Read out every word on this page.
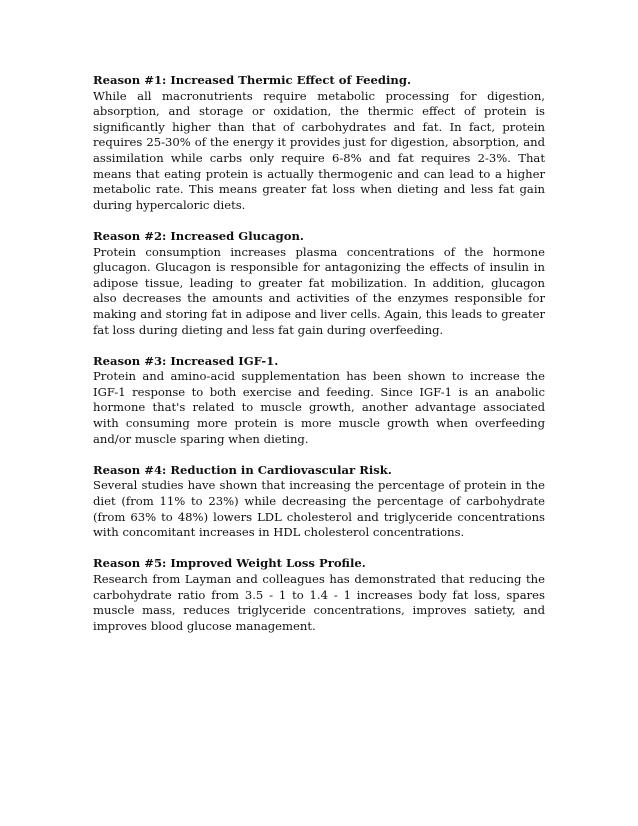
Reason #1: Increased Thermic Effect of Feeding.
While all macronutrients require metabolic processing for digestion, absorption, and storage or oxidation, the thermic effect of protein is significantly higher than that of carbohydrates and fat. In fact, protein requires 25-30% of the energy it provides just for digestion, absorption, and assimilation while carbs only require 6-8% and fat requires 2-3%. That means that eating protein is actually thermogenic and can lead to a higher metabolic rate. This means greater fat loss when dieting and less fat gain during hypercaloric diets.
Reason #2: Increased Glucagon.
Protein consumption increases plasma concentrations of the hormone glucagon. Glucagon is responsible for antagonizing the effects of insulin in adipose tissue, leading to greater fat mobilization. In addition, glucagon also decreases the amounts and activities of the enzymes responsible for making and storing fat in adipose and liver cells. Again, this leads to greater fat loss during dieting and less fat gain during overfeeding.
Reason #3: Increased IGF-1.
Protein and amino-acid supplementation has been shown to increase the IGF-1 response to both exercise and feeding. Since IGF-1 is an anabolic hormone that's related to muscle growth, another advantage associated with consuming more protein is more muscle growth when overfeeding and/or muscle sparing when dieting.
Reason #4: Reduction in Cardiovascular Risk.
Several studies have shown that increasing the percentage of protein in the diet (from 11% to 23%) while decreasing the percentage of carbohydrate (from 63% to 48%) lowers LDL cholesterol and triglyceride concentrations with concomitant increases in HDL cholesterol concentrations.
Reason #5: Improved Weight Loss Profile.
Research from Layman and colleagues has demonstrated that reducing the carbohydrate ratio from 3.5 - 1 to 1.4 - 1 increases body fat loss, spares muscle mass, reduces triglyceride concentrations, improves satiety, and improves blood glucose management.
